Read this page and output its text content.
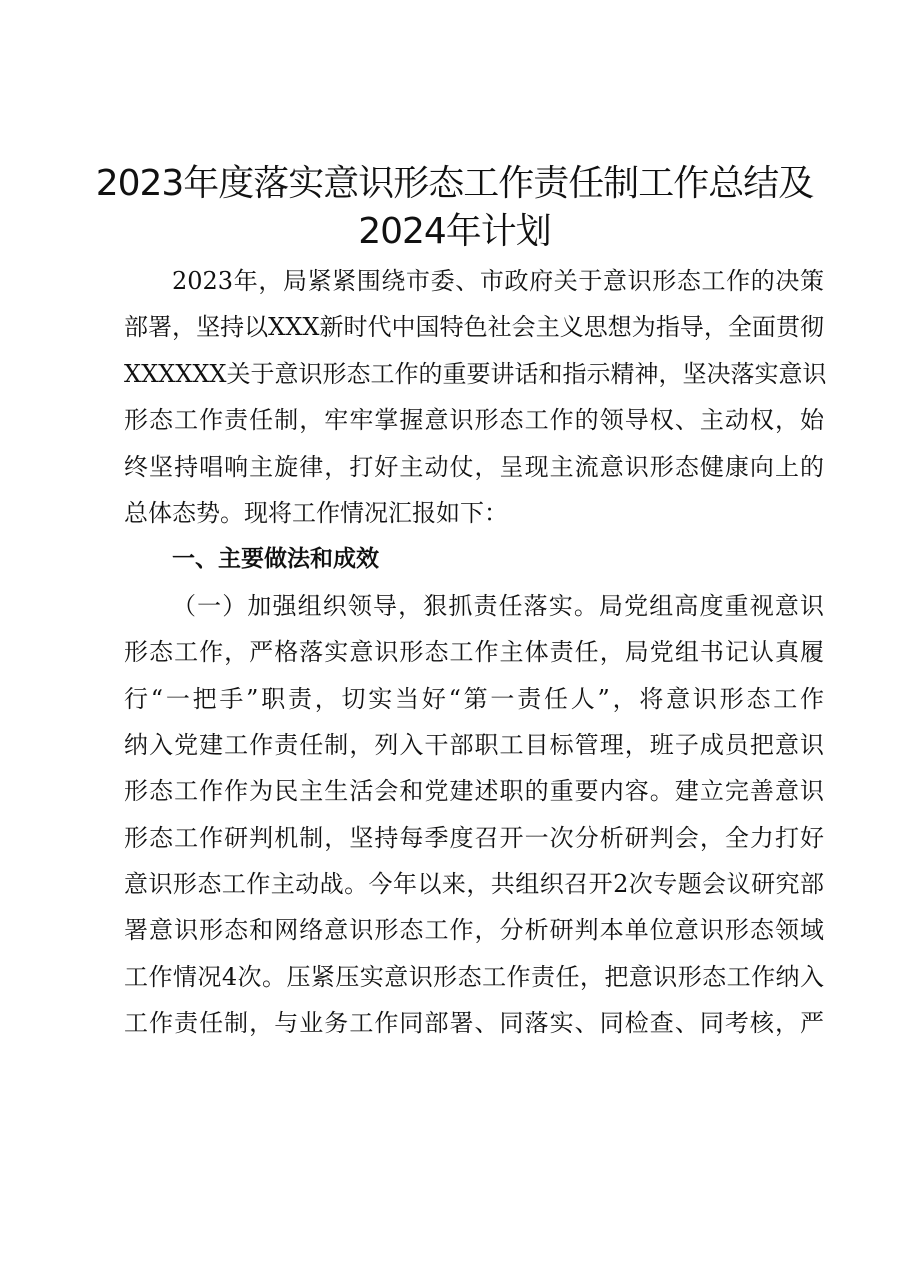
2023年度落实意识形态工作责任制工作总结及
2024年计划
2023年，局紧紧围绕市委、市政府关于意识形态工作的决策
部署，坚持以XXX新时代中国特色社会主义思想为指导，全面贯彻
XXXXXX关于意识形态工作的重要讲话和指示精神，坚决落实意识
形态工作责任制，牢牢掌握意识形态工作的领导权、主动权，始
终坚持唱响主旋律，打好主动仗，呈现主流意识形态健康向上的
总体态势。现将工作情况汇报如下：
一、主要做法和成效
（一）加强组织领导，狠抓责任落实。局党组高度重视意识
形态工作，严格落实意识形态工作主体责任，局党组书记认真履
行“一把手”职责，切实当好“第一责任人”，将意识形态工作
纳入党建工作责任制，列入干部职工目标管理，班子成员把意识
形态工作作为民主生活会和党建述职的重要内容。建立完善意识
形态工作研判机制，坚持每季度召开一次分析研判会，全力打好
意识形态工作主动战。今年以来，共组织召开2次专题会议研究部
署意识形态和网络意识形态工作，分析研判本单位意识形态领域
工作情况4次。压紧压实意识形态工作责任，把意识形态工作纳入
工作责任制，与业务工作同部署、同落实、同检查、同考核，严
